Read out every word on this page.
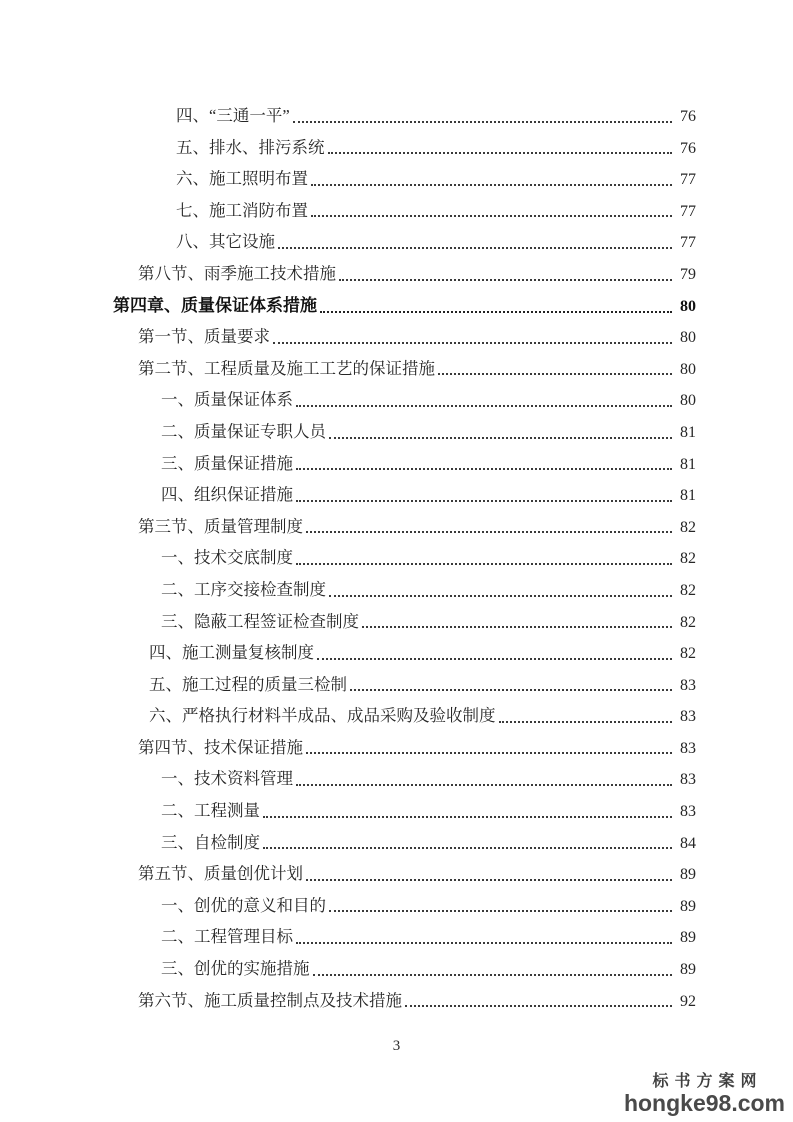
四、“三通一平”	76
五、排水、排污系统	76
六、施工照明布置	77
七、施工消防布置	77
八、其它设施	77
第八节、雨季施工技术措施	79
第四章、质量保证体系措施	80
第一节、质量要求	80
第二节、工程质量及施工工艺的保证措施	80
一、质量保证体系	80
二、质量保证专职人员	81
三、质量保证措施	81
四、组织保证措施	81
第三节、质量管理制度	82
一、技术交底制度	82
二、工序交接检查制度	82
三、隐蔽工程签证检查制度	82
四、施工测量复核制度	82
五、施工过程的质量三检制	83
六、严格执行材料半成品、成品采购及验收制度	83
第四节、技术保证措施	83
一、技术资料管理	83
二、工程测量	83
三、自检制度	84
第五节、质量创优计划	89
一、创优的意义和目的	89
二、工程管理目标	89
三、创优的实施措施	89
第六节、施工质量控制点及技术措施	92
3
标书方案网
hongke98.com
